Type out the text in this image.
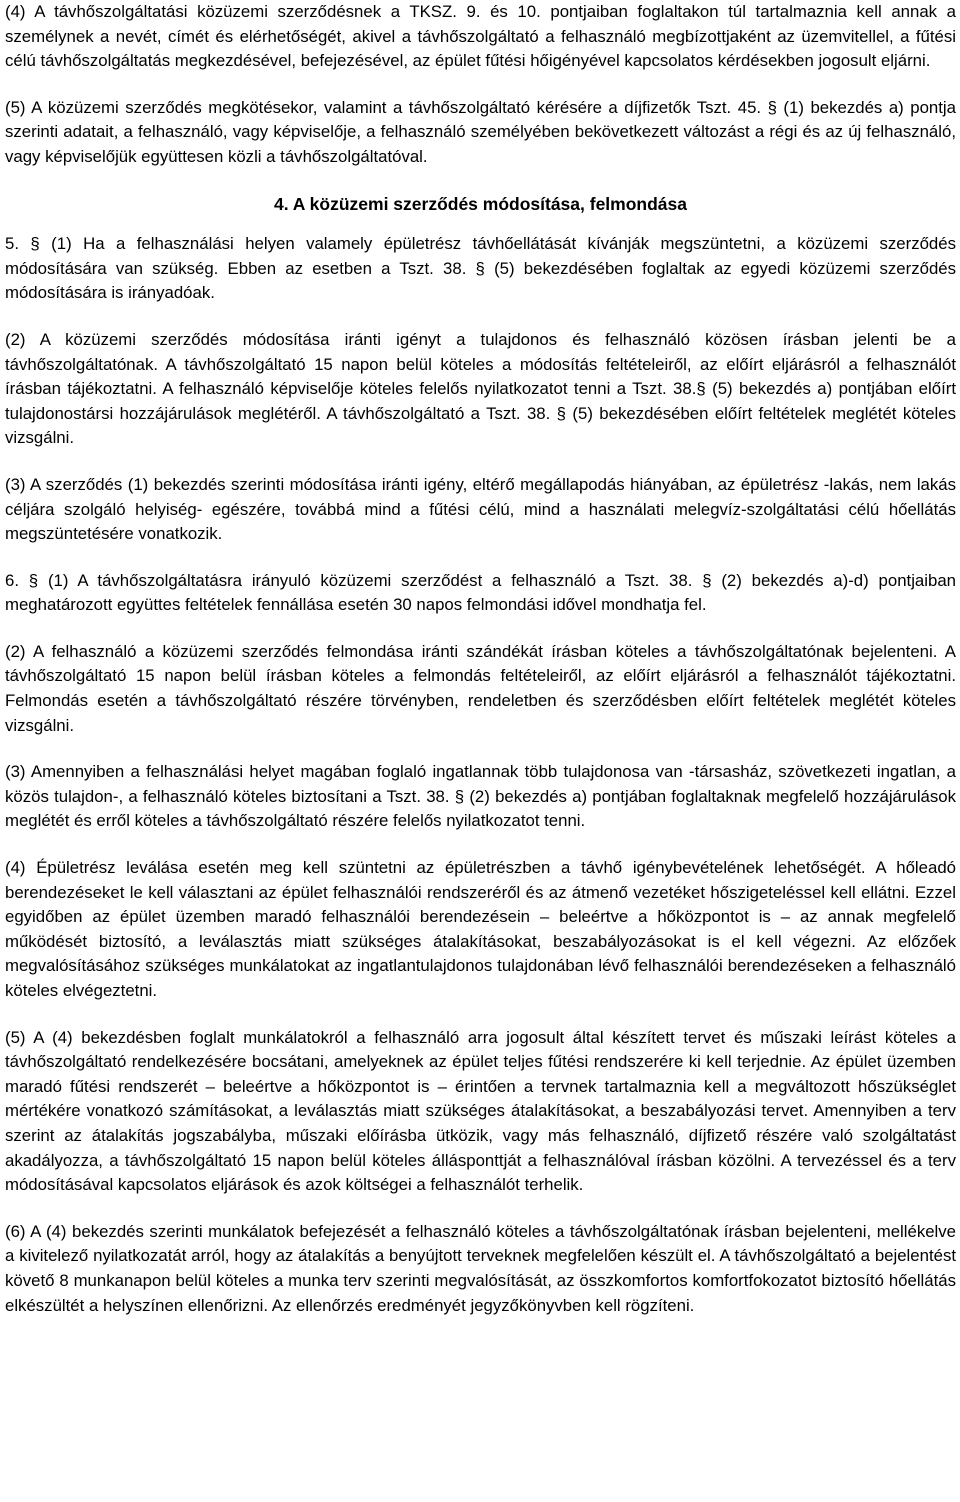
(4) A távhőszolgáltatási közüzemi szerződésnek a TKSZ. 9. és 10. pontjaiban foglaltakon túl tartalmaznia kell annak a személynek a nevét, címét és elérhetőségét, akivel a távhőszolgáltató a felhasználó megbízottjaként az üzemvitellel, a fűtési célú távhőszolgáltatás megkezdésével, befejezésével, az épület fűtési hőigényével kapcsolatos kérdésekben jogosult eljárni.

(5) A közüzemi szerződés megkötésekor, valamint a távhőszolgáltató kérésére a díjfizetők Tszt. 45. § (1) bekezdés a) pontja szerinti adatait, a felhasználó, vagy képviselője, a felhasználó személyében bekövetkezett változást a régi és az új felhasználó, vagy képviselőjük együttesen közli a távhőszolgáltatóval.

4. A közüzemi szerződés módosítása, felmondása

5. § (1) Ha a felhasználási helyen valamely épületrész távhőellátását kívánják megszüntetni, a közüzemi szerződés módosítására van szükség. Ebben az esetben a Tszt. 38. § (5) bekezdésében foglaltak az egyedi közüzemi szerződés módosítására is irányadóak.

(2) A közüzemi szerződés módosítása iránti igényt a tulajdonos és felhasználó közösen írásban jelenti be a távhőszolgáltatónak. A távhőszolgáltató 15 napon belül köteles a módosítás feltételeiről, az előírt eljárásról a felhasználót írásban tájékoztatni. A felhasználó képviselője köteles felelős nyilatkozatot tenni a Tszt. 38.§ (5) bekezdés a) pontjában előírt tulajdonostársi hozzájárulások meglétéről. A távhőszolgáltató a Tszt. 38. § (5) bekezdésében előírt feltételek meglétét köteles vizsgálni.

(3) A szerződés (1) bekezdés szerinti módosítása iránti igény, eltérő megállapodás hiányában, az épületrész -lakás, nem lakás céljára szolgáló helyiség- egészére, továbbá mind a fűtési célú, mind a használati melegvíz-szolgáltatási célú hőellátás megszüntetésére vonatkozik.

6. § (1) A távhőszolgáltatásra irányuló közüzemi szerződést a felhasználó a Tszt. 38. § (2) bekezdés a)-d) pontjaiban meghatározott együttes feltételek fennállása esetén 30 napos felmondási idővel mondhatja fel.

(2) A felhasználó a közüzemi szerződés felmondása iránti szándékát írásban köteles a távhőszolgáltatónak bejelenteni. A távhőszolgáltató 15 napon belül írásban köteles a felmondás feltételeiről, az előírt eljárásról a felhasználót tájékoztatni. Felmondás esetén a távhőszolgáltató részére törvényben, rendeletben és szerződésben előírt feltételek meglétét köteles vizsgálni.

(3) Amennyiben a felhasználási helyet magában foglaló ingatlannak több tulajdonosa van -társasház, szövetkezeti ingatlan, a közös tulajdon-, a felhasználó köteles biztosítani a Tszt. 38. § (2) bekezdés a) pontjában foglaltaknak megfelelő hozzájárulások meglétét és erről köteles a távhőszolgáltató részére felelős nyilatkozatot tenni.

(4) Épületrész leválása esetén meg kell szüntetni az épületrészben a távhő igénybevételének lehetőségét. A hőleadó berendezéseket le kell választani az épület felhasználói rendszeréről és az átmenő vezetéket hőszigeteléssel kell ellátni. Ezzel egyidőben az épület üzemben maradó felhasználói berendezésein – beleértve a hőközpontot is – az annak megfelelő működését biztosító, a leválasztás miatt szükséges átalakításokat, beszabályozásokat is el kell végezni. Az előzőek megvalósításához szükséges munkálatokat az ingatlantulajdonos tulajdonában lévő felhasználói berendezéseken a felhasználó köteles elvégeztetni.

(5) A (4) bekezdésben foglalt munkálatokról a felhasználó arra jogosult által készített tervet és műszaki leírást köteles a távhőszolgáltató rendelkezésére bocsátani, amelyeknek az épület teljes fűtési rendszerére ki kell terjednie. Az épület üzemben maradó fűtési rendszerét – beleértve a hőközpontot is – érintően a tervnek tartalmaznia kell a megváltozott hőszükséglet mértékére vonatkozó számításokat, a leválasztás miatt szükséges átalakításokat, a beszabályozási tervet. Amennyiben a terv szerint az átalakítás jogszabályba, műszaki előírásba ütközik, vagy más felhasználó, díjfizető részére való szolgáltatást akadályozza, a távhőszolgáltató 15 napon belül köteles állásponttját a felhasználóval írásban közölni. A tervezéssel és a terv módosításával kapcsolatos eljárások és azok költségei a felhasználót terhelik.

(6) A (4) bekezdés szerinti munkálatok befejezését a felhasználó köteles a távhőszolgáltatónak írásban bejelenteni, mellékelve a kivitelező nyilatkozatát arról, hogy az átalakítás a benyújtott terveknek megfelelően készült el. A távhőszolgáltató a bejelentést követő 8 munkanapon belül köteles a munka terv szerinti megvalósítását, az összkomfortos komfortfokozatot biztosító hőellátás elkészültét a helyszínen ellenőrizni. Az ellenőrzés eredményét jegyzőkönyvben kell rögzíteni.
